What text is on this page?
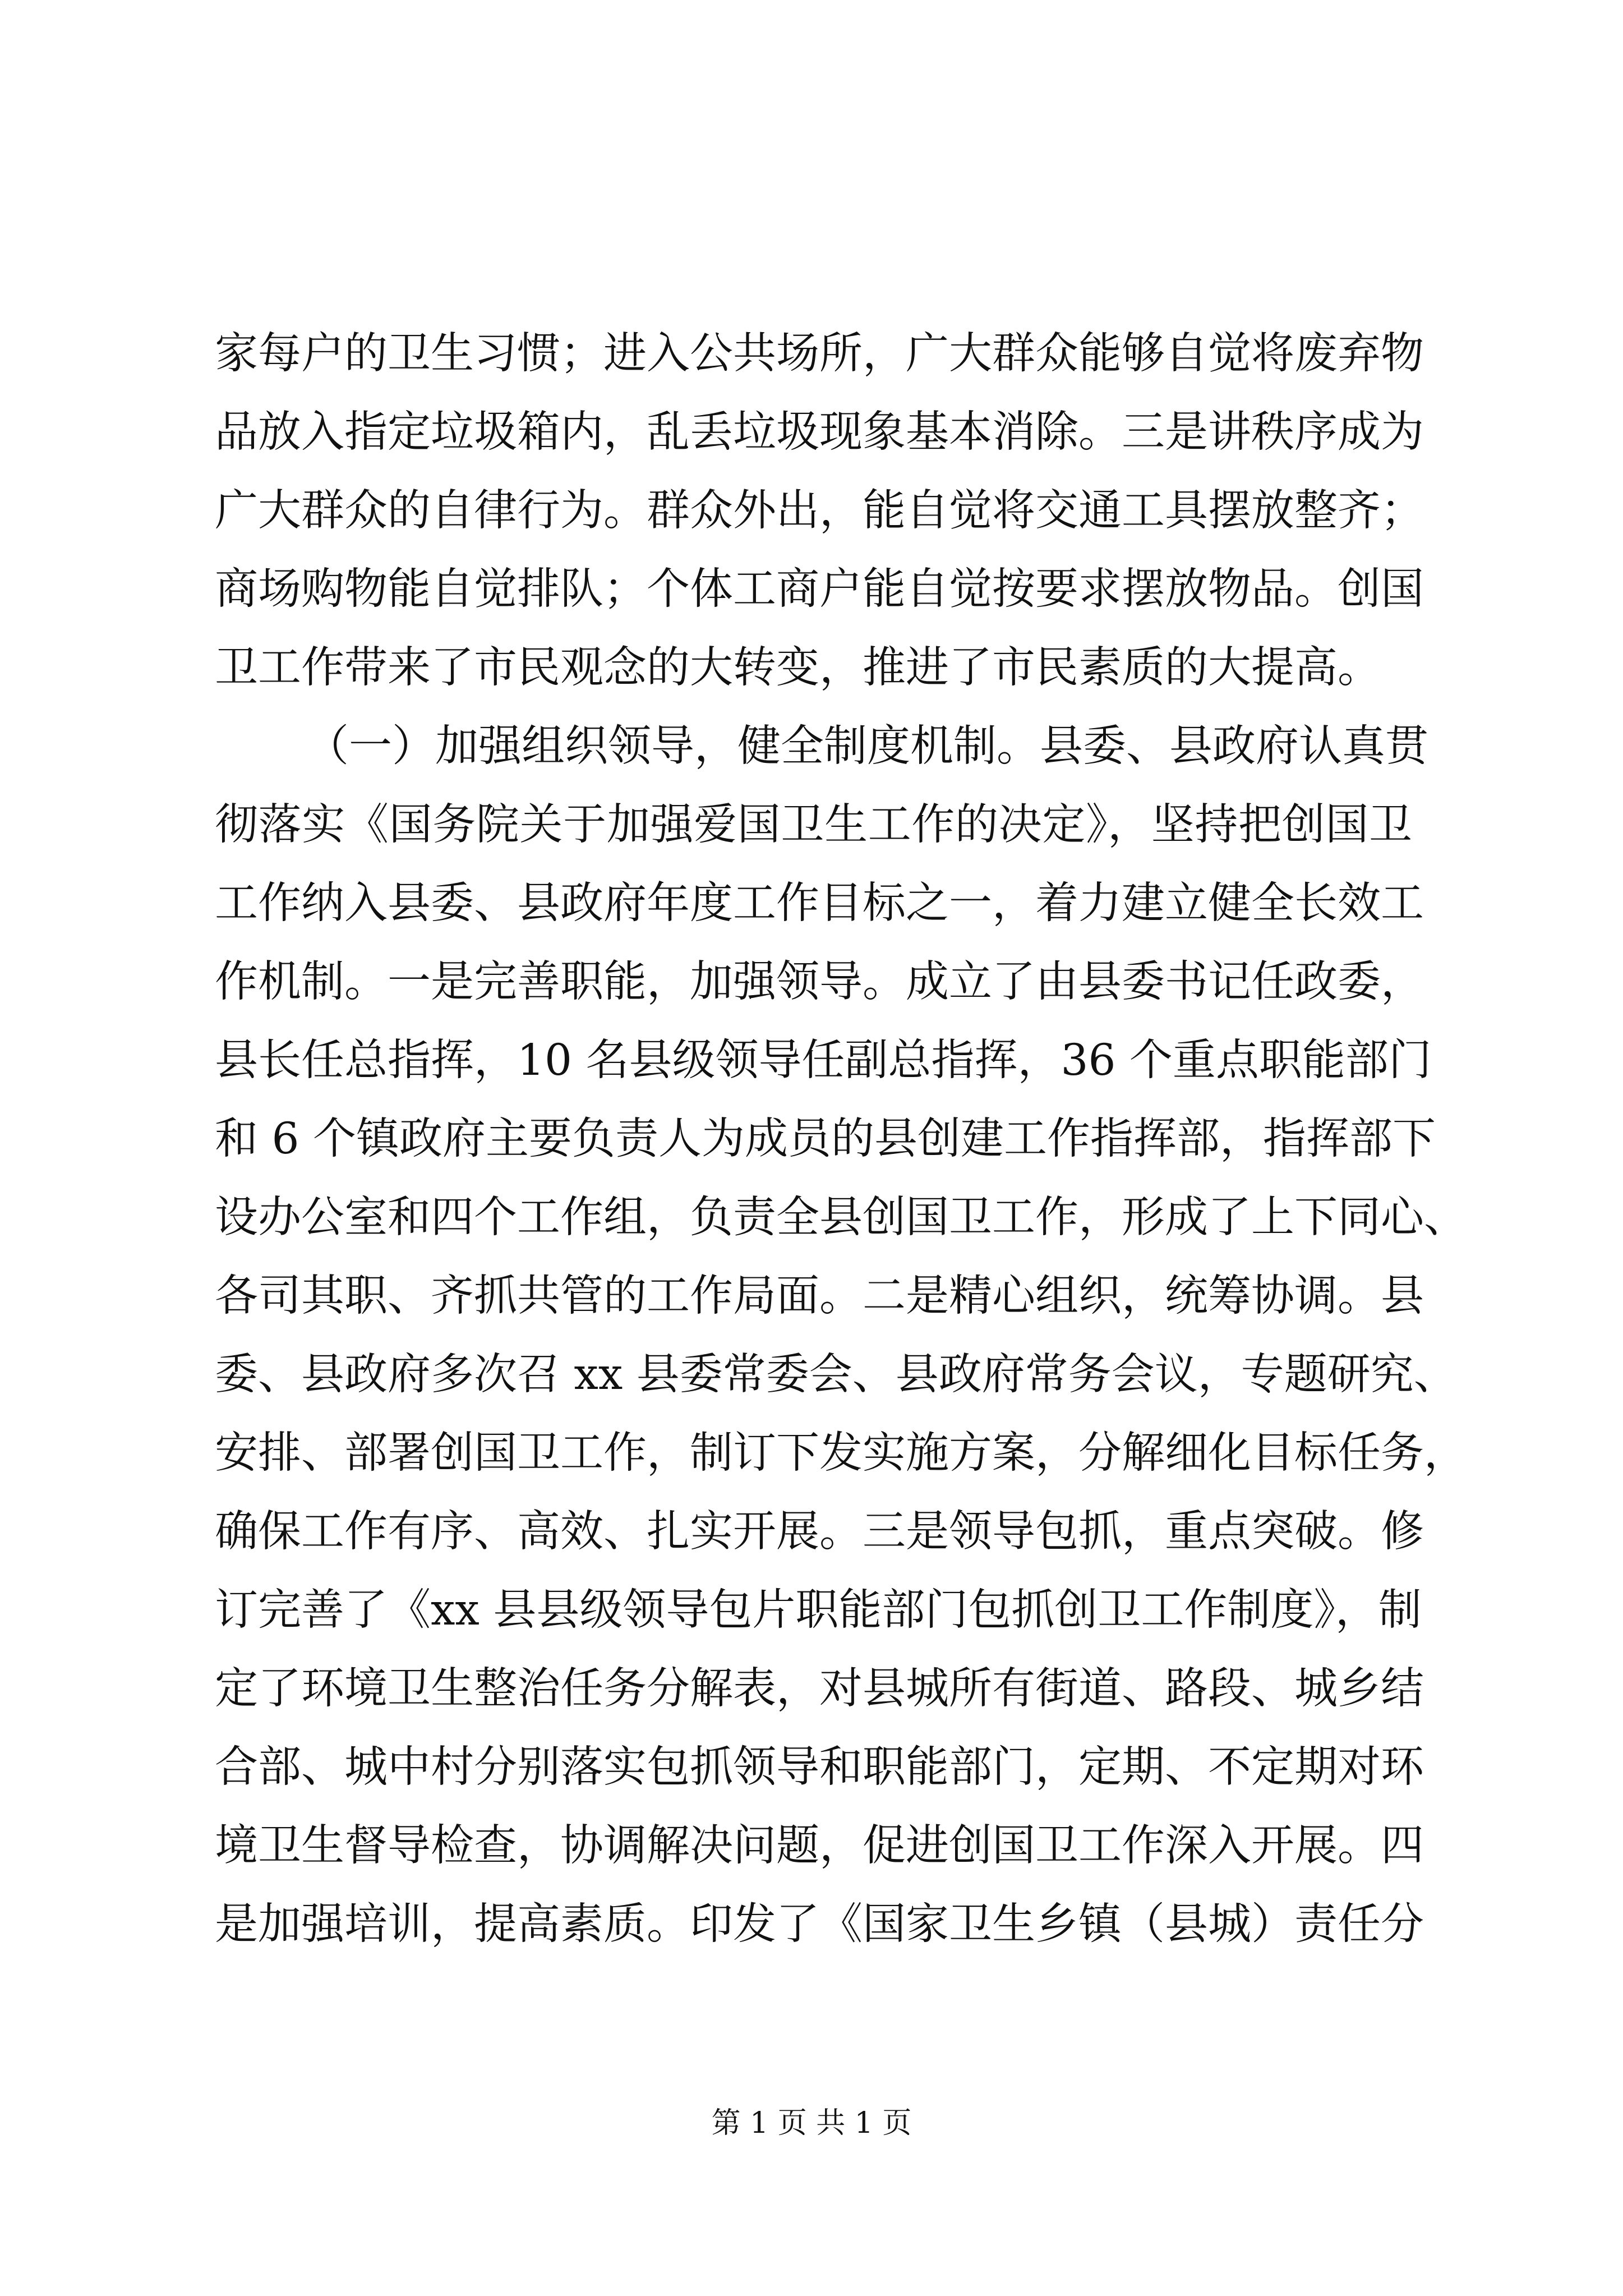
家每户的卫生习惯；进入公共场所，广大群众能够自觉将废弃物
品放入指定垃圾箱内，乱丢垃圾现象基本消除。三是讲秩序成为
广大群众的自律行为。群众外出，能自觉将交通工具摆放整齐；
商场购物能自觉排队；个体工商户能自觉按要求摆放物品。创国
卫工作带来了市民观念的大转变，推进了市民素质的大提高。
（一）加强组织领导，健全制度机制。县委、县政府认真贯
彻落实《国务院关于加强爱国卫生工作的决定》，坚持把创国卫
工作纳入县委、县政府年度工作目标之一，着力建立健全长效工
作机制。一是完善职能，加强领导。成立了由县委书记任政委，
县长任总指挥，10 名县级领导任副总指挥，36 个重点职能部门
和 6 个镇政府主要负责人为成员的县创建工作指挥部，指挥部下
设办公室和四个工作组，负责全县创国卫工作，形成了上下同心、
各司其职、齐抓共管的工作局面。二是精心组织，统筹协调。县
委、县政府多次召 xx 县委常委会、县政府常务会议，专题研究、
安排、部署创国卫工作，制订下发实施方案，分解细化目标任务，
确保工作有序、高效、扎实开展。三是领导包抓，重点突破。修
订完善了《xx 县县级领导包片职能部门包抓创卫工作制度》，制
定了环境卫生整治任务分解表，对县城所有街道、路段、城乡结
合部、城中村分别落实包抓领导和职能部门，定期、不定期对环
境卫生督导检查，协调解决问题，促进创国卫工作深入开展。四
是加强培训，提高素质。印发了《国家卫生乡镇（县城）责任分
第 1 页 共 1 页
